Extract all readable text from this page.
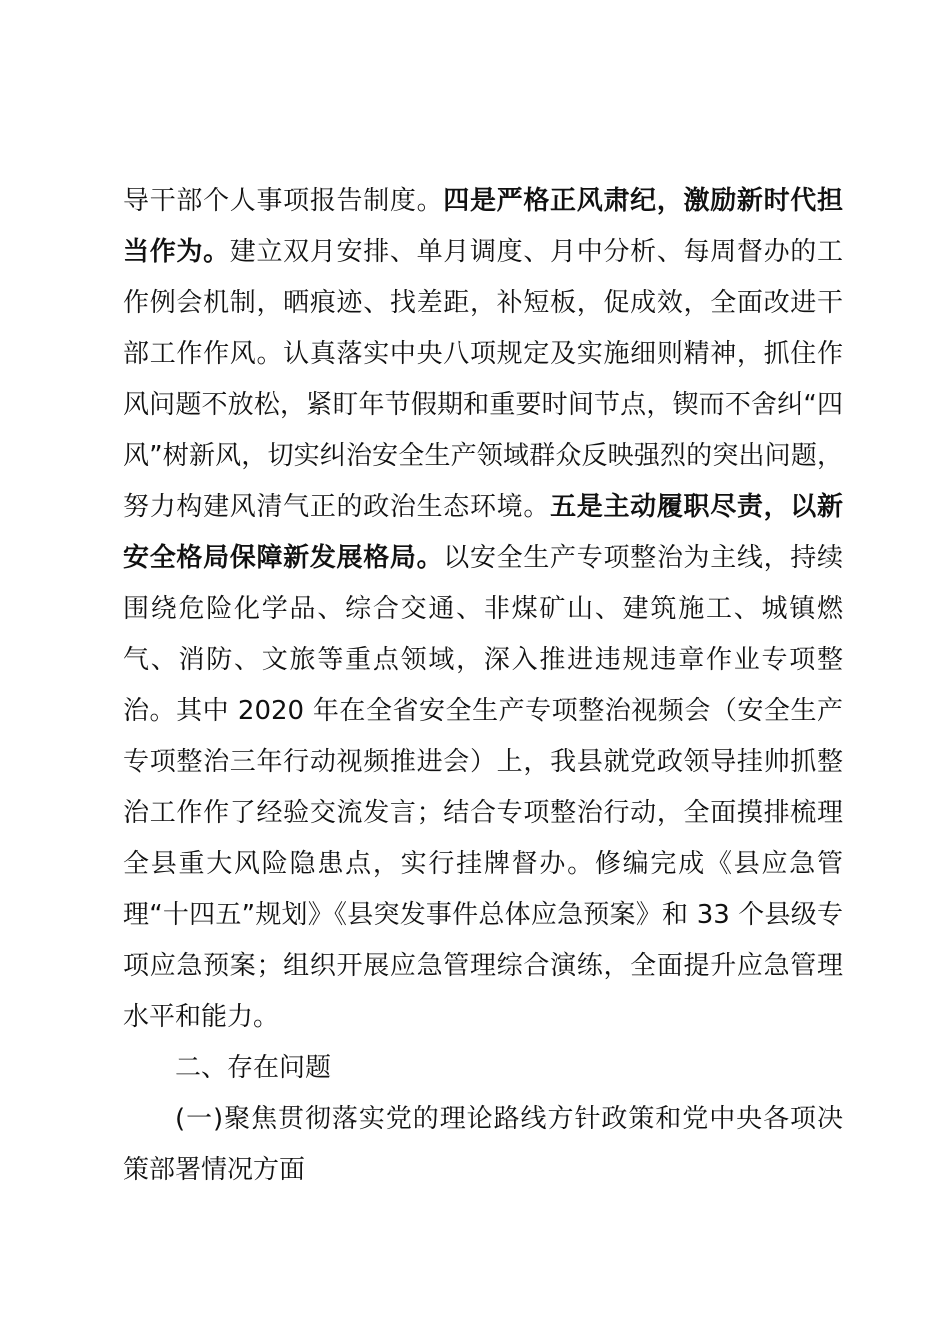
导干部个人事项报告制度。四是严格正风肃纪，激励新时代担当作为。建立双月安排、单月调度、月中分析、每周督办的工作例会机制，晒痕迹、找差距，补短板，促成效，全面改进干部工作作风。认真落实中央八项规定及实施细则精神，抓住作风问题不放松，紧盯年节假期和重要时间节点，锲而不舍纠“四风”树新风，切实纠治安全生产领域群众反映强烈的突出问题，努力构建风清气正的政治生态环境。五是主动履职尽责，以新安全格局保障新发展格局。以安全生产专项整治为主线，持续围绕危险化学品、综合交通、非煤矿山、建筑施工、城镇燃气、消防、文旅等重点领域，深入推进违规违章作业专项整治。其中 2020 年在全省安全生产专项整治视频会（安全生产专项整治三年行动视频推进会）上，我县就党政领导挂帅抓整治工作作了经验交流发言；结合专项整治行动，全面摸排梳理全县重大风险隐患点，实行挂牌督办。修编完成《县应急管理“十四五”规划》《县突发事件总体应急预案》和 33 个县级专项应急预案；组织开展应急管理综合演练，全面提升应急管理水平和能力。

二、存在问题

(一)聚焦贯彻落实党的理论路线方针政策和党中央各项决策部署情况方面
